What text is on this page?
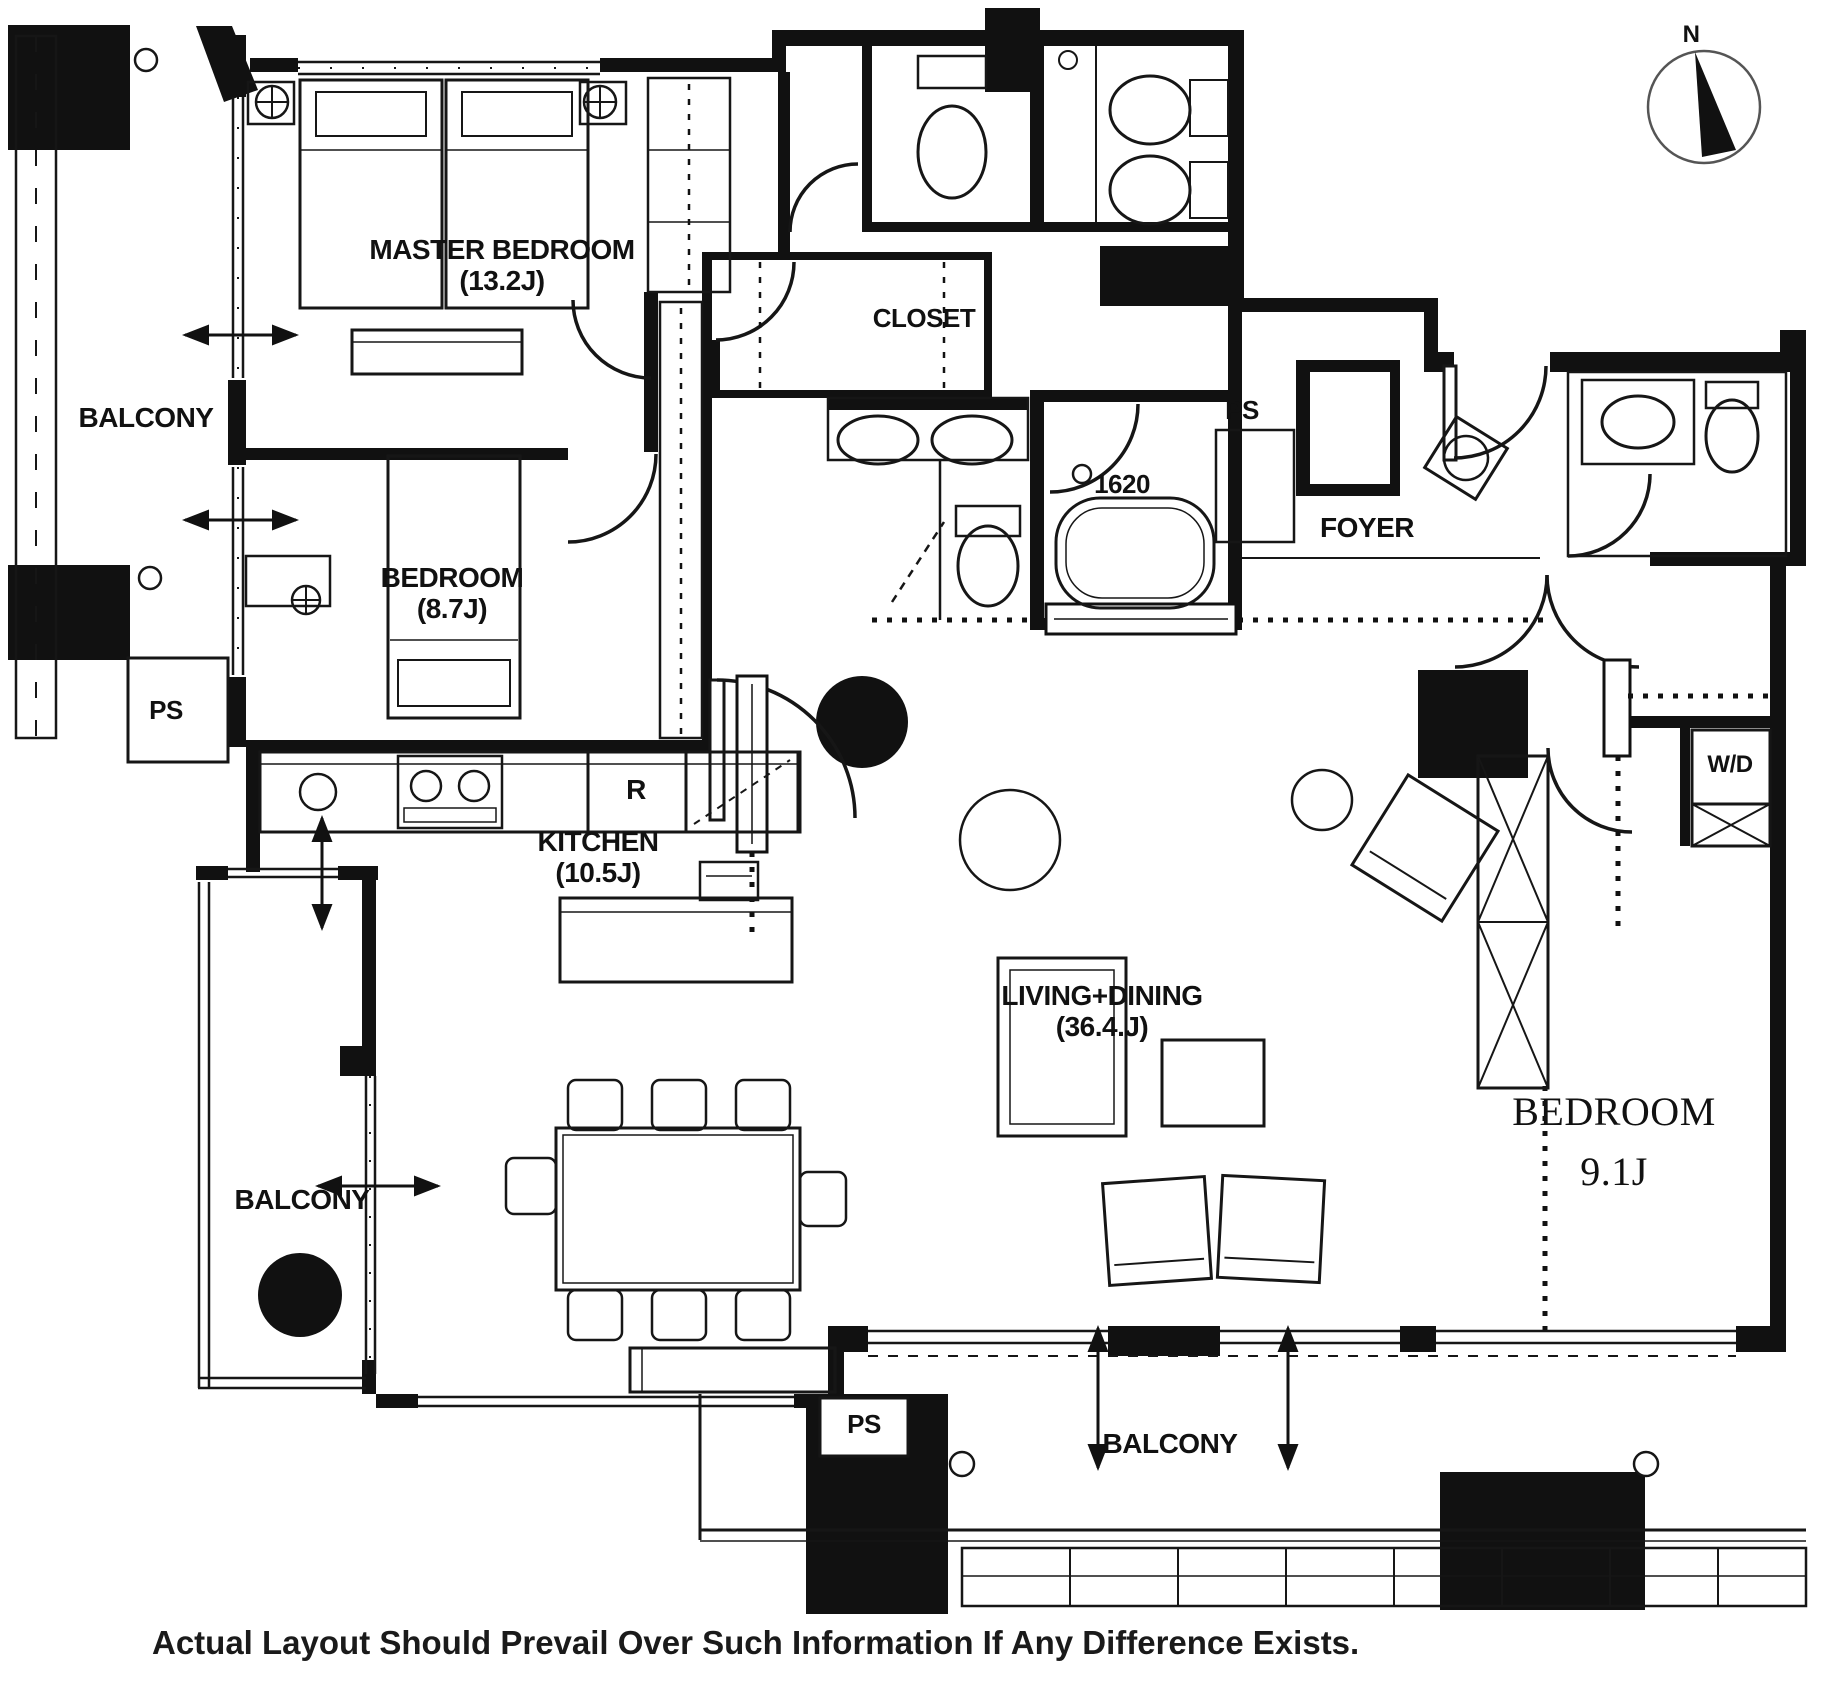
MASTER BEDROOM
(13.2J)
BALCONY
BEDROOM
(8.7J)
CLOSET
PS
1620
PS
FOYER
KITCHEN
(10.5J)
R
W/D
LIVING+DINING
(36.4.J)
BEDROOM
9.1J
BALCONY
PS
BALCONY
N
Actual Layout Should Prevail Over Such Information If Any Difference Exists.
